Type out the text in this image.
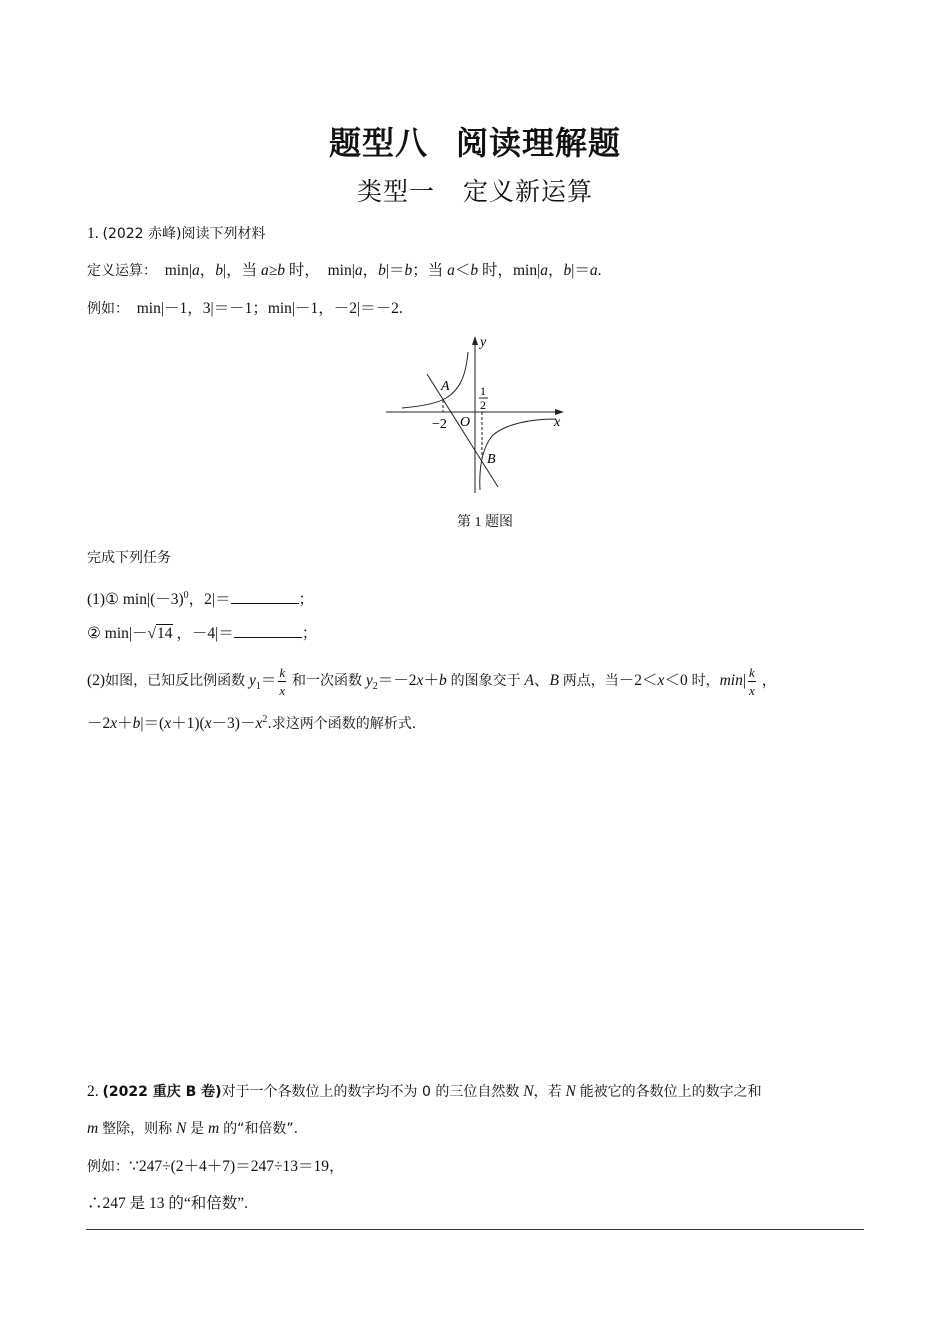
题型八 阅读理解题
类型一 定义新运算
1. (2022 赤峰)阅读下列材料
定义运算：  min|a，b|，当 a≥b 时，  min|a，b|＝b；当 a＜b 时，min|a，b|＝a.
例如：  min|－1，3|＝－1；min|－1，－2|＝－2.
A
B
O
−2
1
2
y
x
第 1 题图
完成下列任务
(1)① $\min|(-3)^0$，2|＝	；
② min|－√14 ，－4|＝	；
(2)如图，已知反比例函数 $y_1= \frac{k}{x}$ 和一次函数 $y_2=-2x+b$ 的图象交于 A、B 两点，当－2＜x＜0 时，$\min| \frac{k}{x}$ ，
$-2x+b|=(x+1)(x-3)-x^2$.求这两个函数的解析式.
2. (2022 重庆 B 卷)对于一个各数位上的数字均不为 0 的三位自然数 N，若 N 能被它的各数位上的数字之和
m 整除，则称 N 是 m 的“和倍数”.
例如：∵247÷(2＋4＋7)＝247÷13＝19，
∴247 是 13 的“和倍数”.
